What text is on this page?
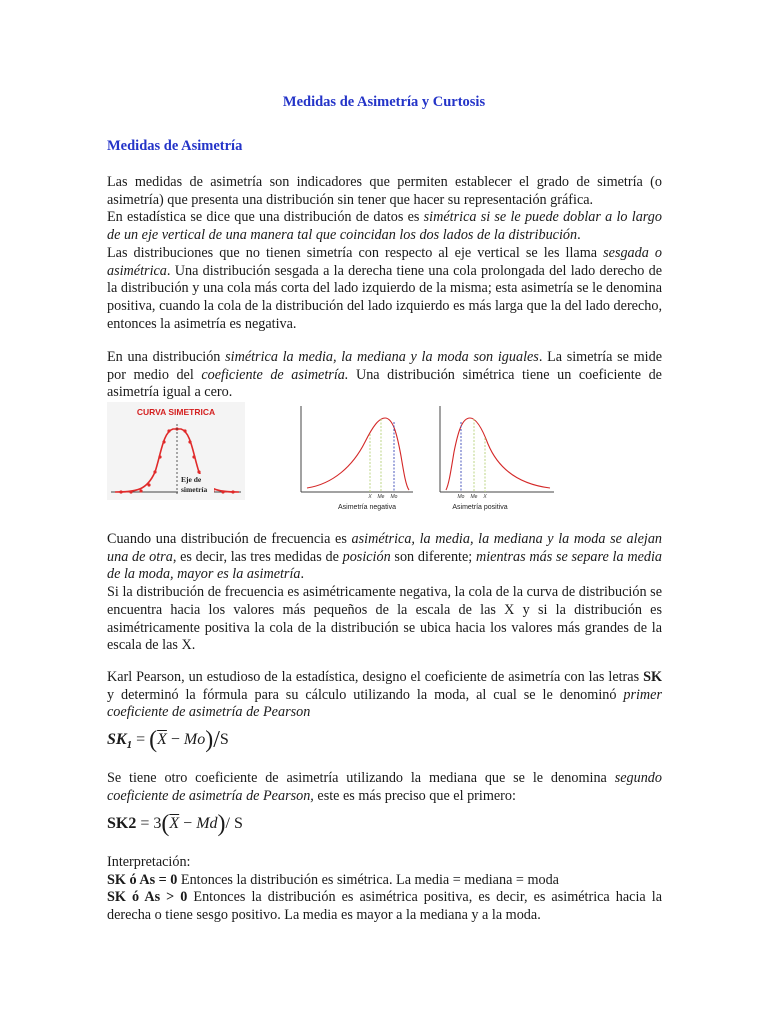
Medidas de Asimetría y Curtosis
Medidas de Asimetría

Las medidas de asimetría son indicadores que permiten establecer el grado de simetría (o asimetría) que presenta una distribución sin tener que hacer su representación gráfica.
En estadística se dice que una distribución de datos es simétrica si se le puede doblar a lo largo de un eje vertical de una manera tal que coincidan los dos lados de la distribución.
Las distribuciones que no tienen simetría con respecto al eje vertical se les llama sesgada o asimétrica. Una distribución sesgada a la derecha tiene una cola prolongada del lado derecho de la distribución y una cola más corta del lado izquierdo de la misma; esta asimetría se le denomina positiva, cuando la cola de la distribución del lado izquierdo es más larga que la del lado derecho, entonces la asimetría es negativa.

En una distribución simétrica la media, la mediana y la moda son iguales. La simetría se mide por medio del coeficiente de asimetría. Una distribución simétrica tiene un coeficiente de asimetría igual a cero.

CURVA SIMETRICA
Eje de
simetría
X Me Mo
Asimetría negativa
Mo Me X
Asimetría positiva

Cuando una distribución de frecuencia es asimétrica, la media, la mediana y la moda se alejan una de otra, es decir, las tres medidas de posición son diferente; mientras más se separe la media de la moda, mayor es la asimetría.
Si la distribución de frecuencia es asimétricamente negativa, la cola de la curva de distribución se encuentra hacia los valores más pequeños de la escala de las X y si la distribución es asimétricamente positiva la cola de la distribución se ubica hacia los valores más grandes de la escala de las X.

Karl Pearson, un estudioso de la estadística, designo el coeficiente de asimetría con las letras SK y determinó la fórmula para su cálculo utilizando la moda, al cual se le denominó primer coeficiente de asimetría de Pearson

$SK_1 = (\overline{X} - Mo)/S$

Se tiene otro coeficiente de asimetría utilizando la mediana que se le denomina segundo coeficiente de asimetría de Pearson, este es más preciso que el primero:

$SK2 = 3(\overline{X} - Md)/$ S

Interpretación:
SK ó As = 0 Entonces la distribución es simétrica. La media = mediana = moda
SK ó As > 0 Entonces la distribución es asimétrica positiva, es decir, es asimétrica hacia la derecha o tiene sesgo positivo. La media es mayor a la mediana y a la moda.
